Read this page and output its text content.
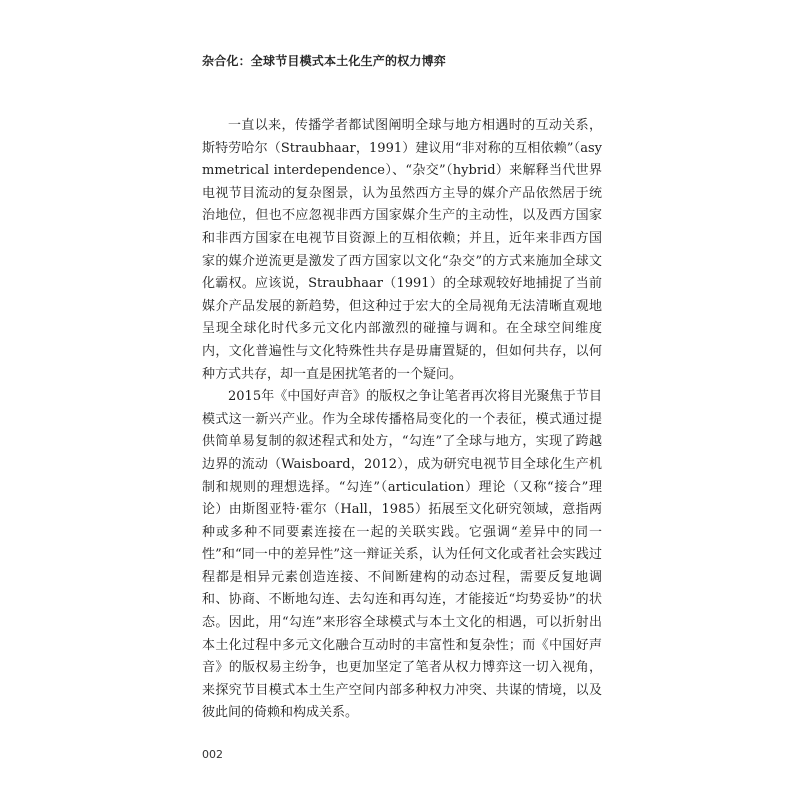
杂合化：全球节目模式本土化生产的权力博弈

一直以来，传播学者都试图阐明全球与地方相遇时的互动关系，斯特劳哈尔（Straubhaar，1991）建议用“非对称的互相依赖”（asymmetrical interdependence）、“杂交”（hybrid）来解释当代世界电视节目流动的复杂图景，认为虽然西方主导的媒介产品依然居于统治地位，但也不应忽视非西方国家媒介生产的主动性，以及西方国家和非西方国家在电视节目资源上的互相依赖；并且，近年来非西方国家的媒介逆流更是激发了西方国家以文化“杂交”的方式来施加全球文化霸权。应该说，Straubhaar（1991）的全球观较好地捕捉了当前媒介产品发展的新趋势，但这种过于宏大的全局视角无法清晰直观地呈现全球化时代多元文化内部激烈的碰撞与调和。在全球空间维度内，文化普遍性与文化特殊性共存是毋庸置疑的，但如何共存，以何种方式共存，却一直是困扰笔者的一个疑问。

2015年《中国好声音》的版权之争让笔者再次将目光聚焦于节目模式这一新兴产业。作为全球传播格局变化的一个表征，模式通过提供简单易复制的叙述程式和处方，“勾连”了全球与地方，实现了跨越边界的流动（Waisboard，2012），成为研究电视节目全球化生产机制和规则的理想选择。“勾连”（articulation）理论（又称“接合”理论）由斯图亚特·霍尔（Hall，1985）拓展至文化研究领域，意指两种或多种不同要素连接在一起的关联实践。它强调“差异中的同一性”和“同一中的差异性”这一辩证关系，认为任何文化或者社会实践过程都是相异元素创造连接、不间断建构的动态过程，需要反复地调和、协商、不断地勾连、去勾连和再勾连，才能接近“均势妥协”的状态。因此，用“勾连”来形容全球模式与本土文化的相遇，可以折射出本土化过程中多元文化融合互动时的丰富性和复杂性；而《中国好声音》的版权易主纷争，也更加坚定了笔者从权力博弈这一切入视角，来探究节目模式本土生产空间内部多种权力冲突、共谋的情境，以及彼此间的倚赖和构成关系。

002
